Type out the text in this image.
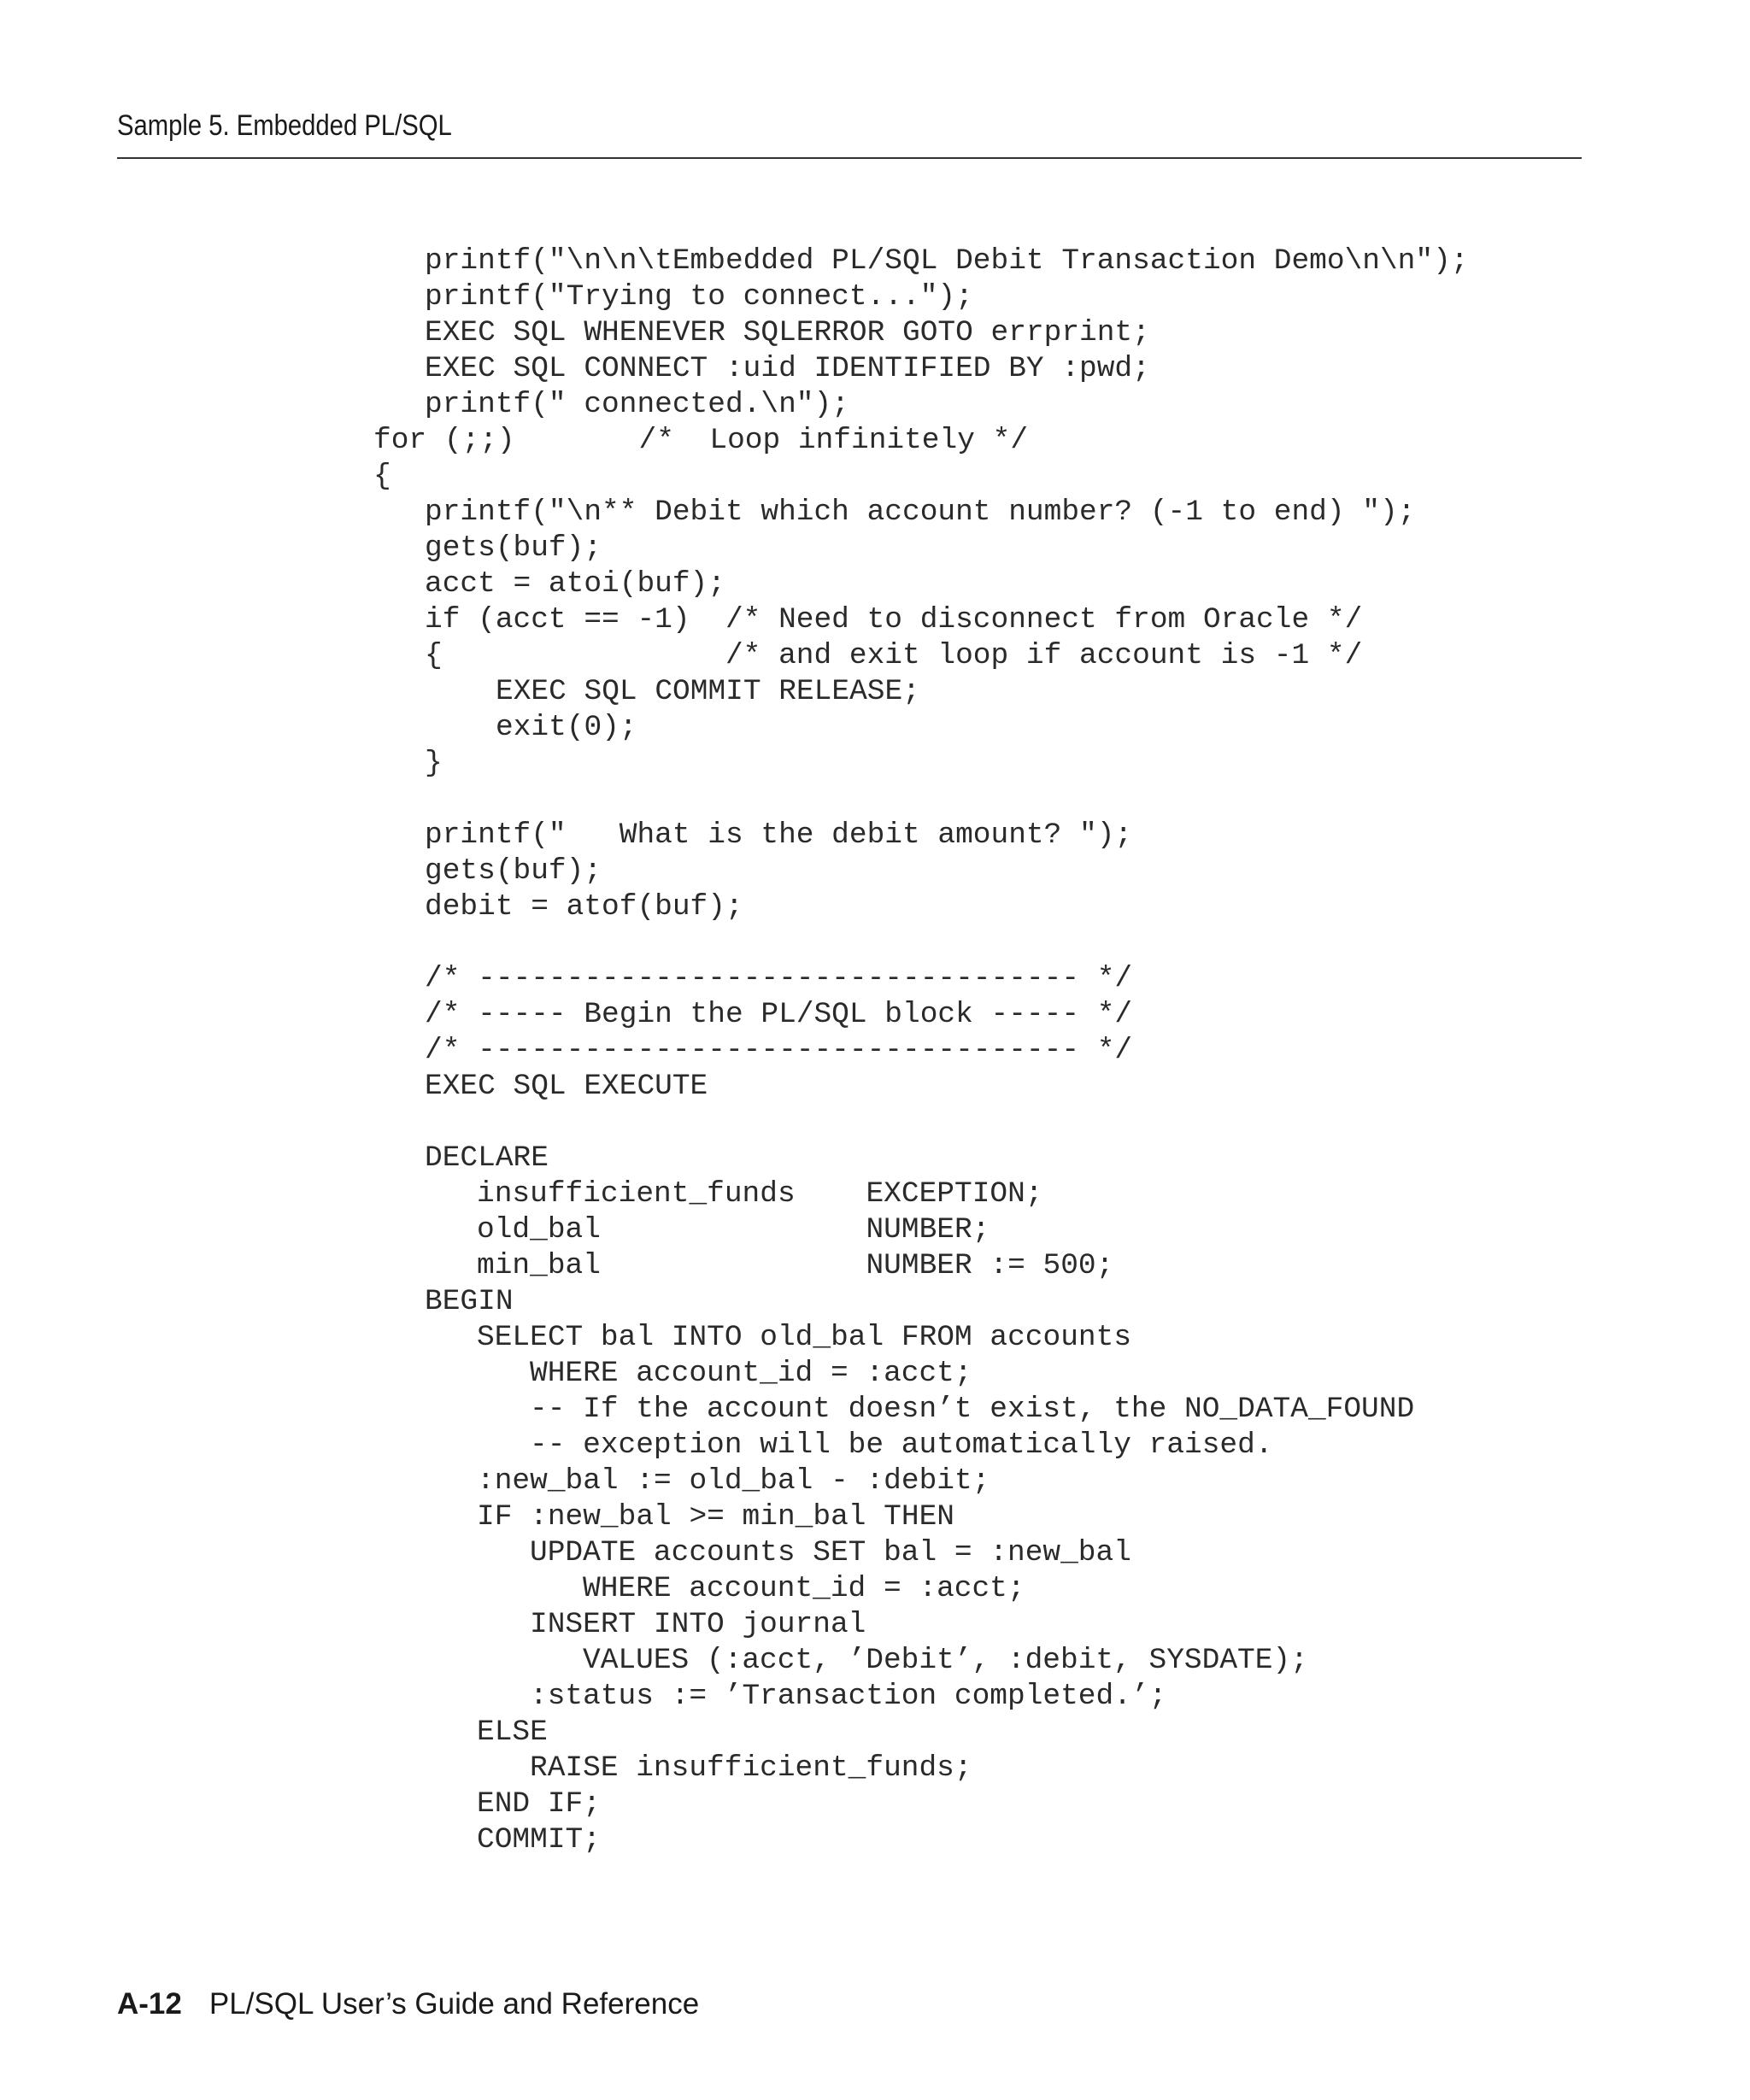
Sample 5. Embedded PL/SQL
printf("\n\n\tEmbedded PL/SQL Debit Transaction Demo\n\n");
printf("Trying to connect...");
EXEC SQL WHENEVER SQLERROR GOTO errprint;
EXEC SQL CONNECT :uid IDENTIFIED BY :pwd;
printf(" connected.\n");
for (;;)       /*  Loop infinitely */
{
printf("\n** Debit which account number? (-1 to end) ");
gets(buf);
acct = atoi(buf);
if (acct == -1)  /* Need to disconnect from Oracle */
{                /* and exit loop if account is -1 */
EXEC SQL COMMIT RELEASE;
exit(0);
}
printf("   What is the debit amount? ");
gets(buf);
debit = atof(buf);
/* ---------------------------------- */
/* ----- Begin the PL/SQL block ----- */
/* ---------------------------------- */
EXEC SQL EXECUTE
DECLARE
insufficient_funds    EXCEPTION;
old_bal               NUMBER;
min_bal               NUMBER := 500;
BEGIN
SELECT bal INTO old_bal FROM accounts
WHERE account_id = :acct;
-- If the account doesn’t exist, the NO_DATA_FOUND
-- exception will be automatically raised.
:new_bal := old_bal - :debit;
IF :new_bal >= min_bal THEN
UPDATE accounts SET bal = :new_bal
WHERE account_id = :acct;
INSERT INTO journal
VALUES (:acct, ’Debit’, :debit, SYSDATE);
:status := ’Transaction completed.’;
ELSE
RAISE insufficient_funds;
END IF;
COMMIT;
A-12 PL/SQL User’s Guide and Reference
